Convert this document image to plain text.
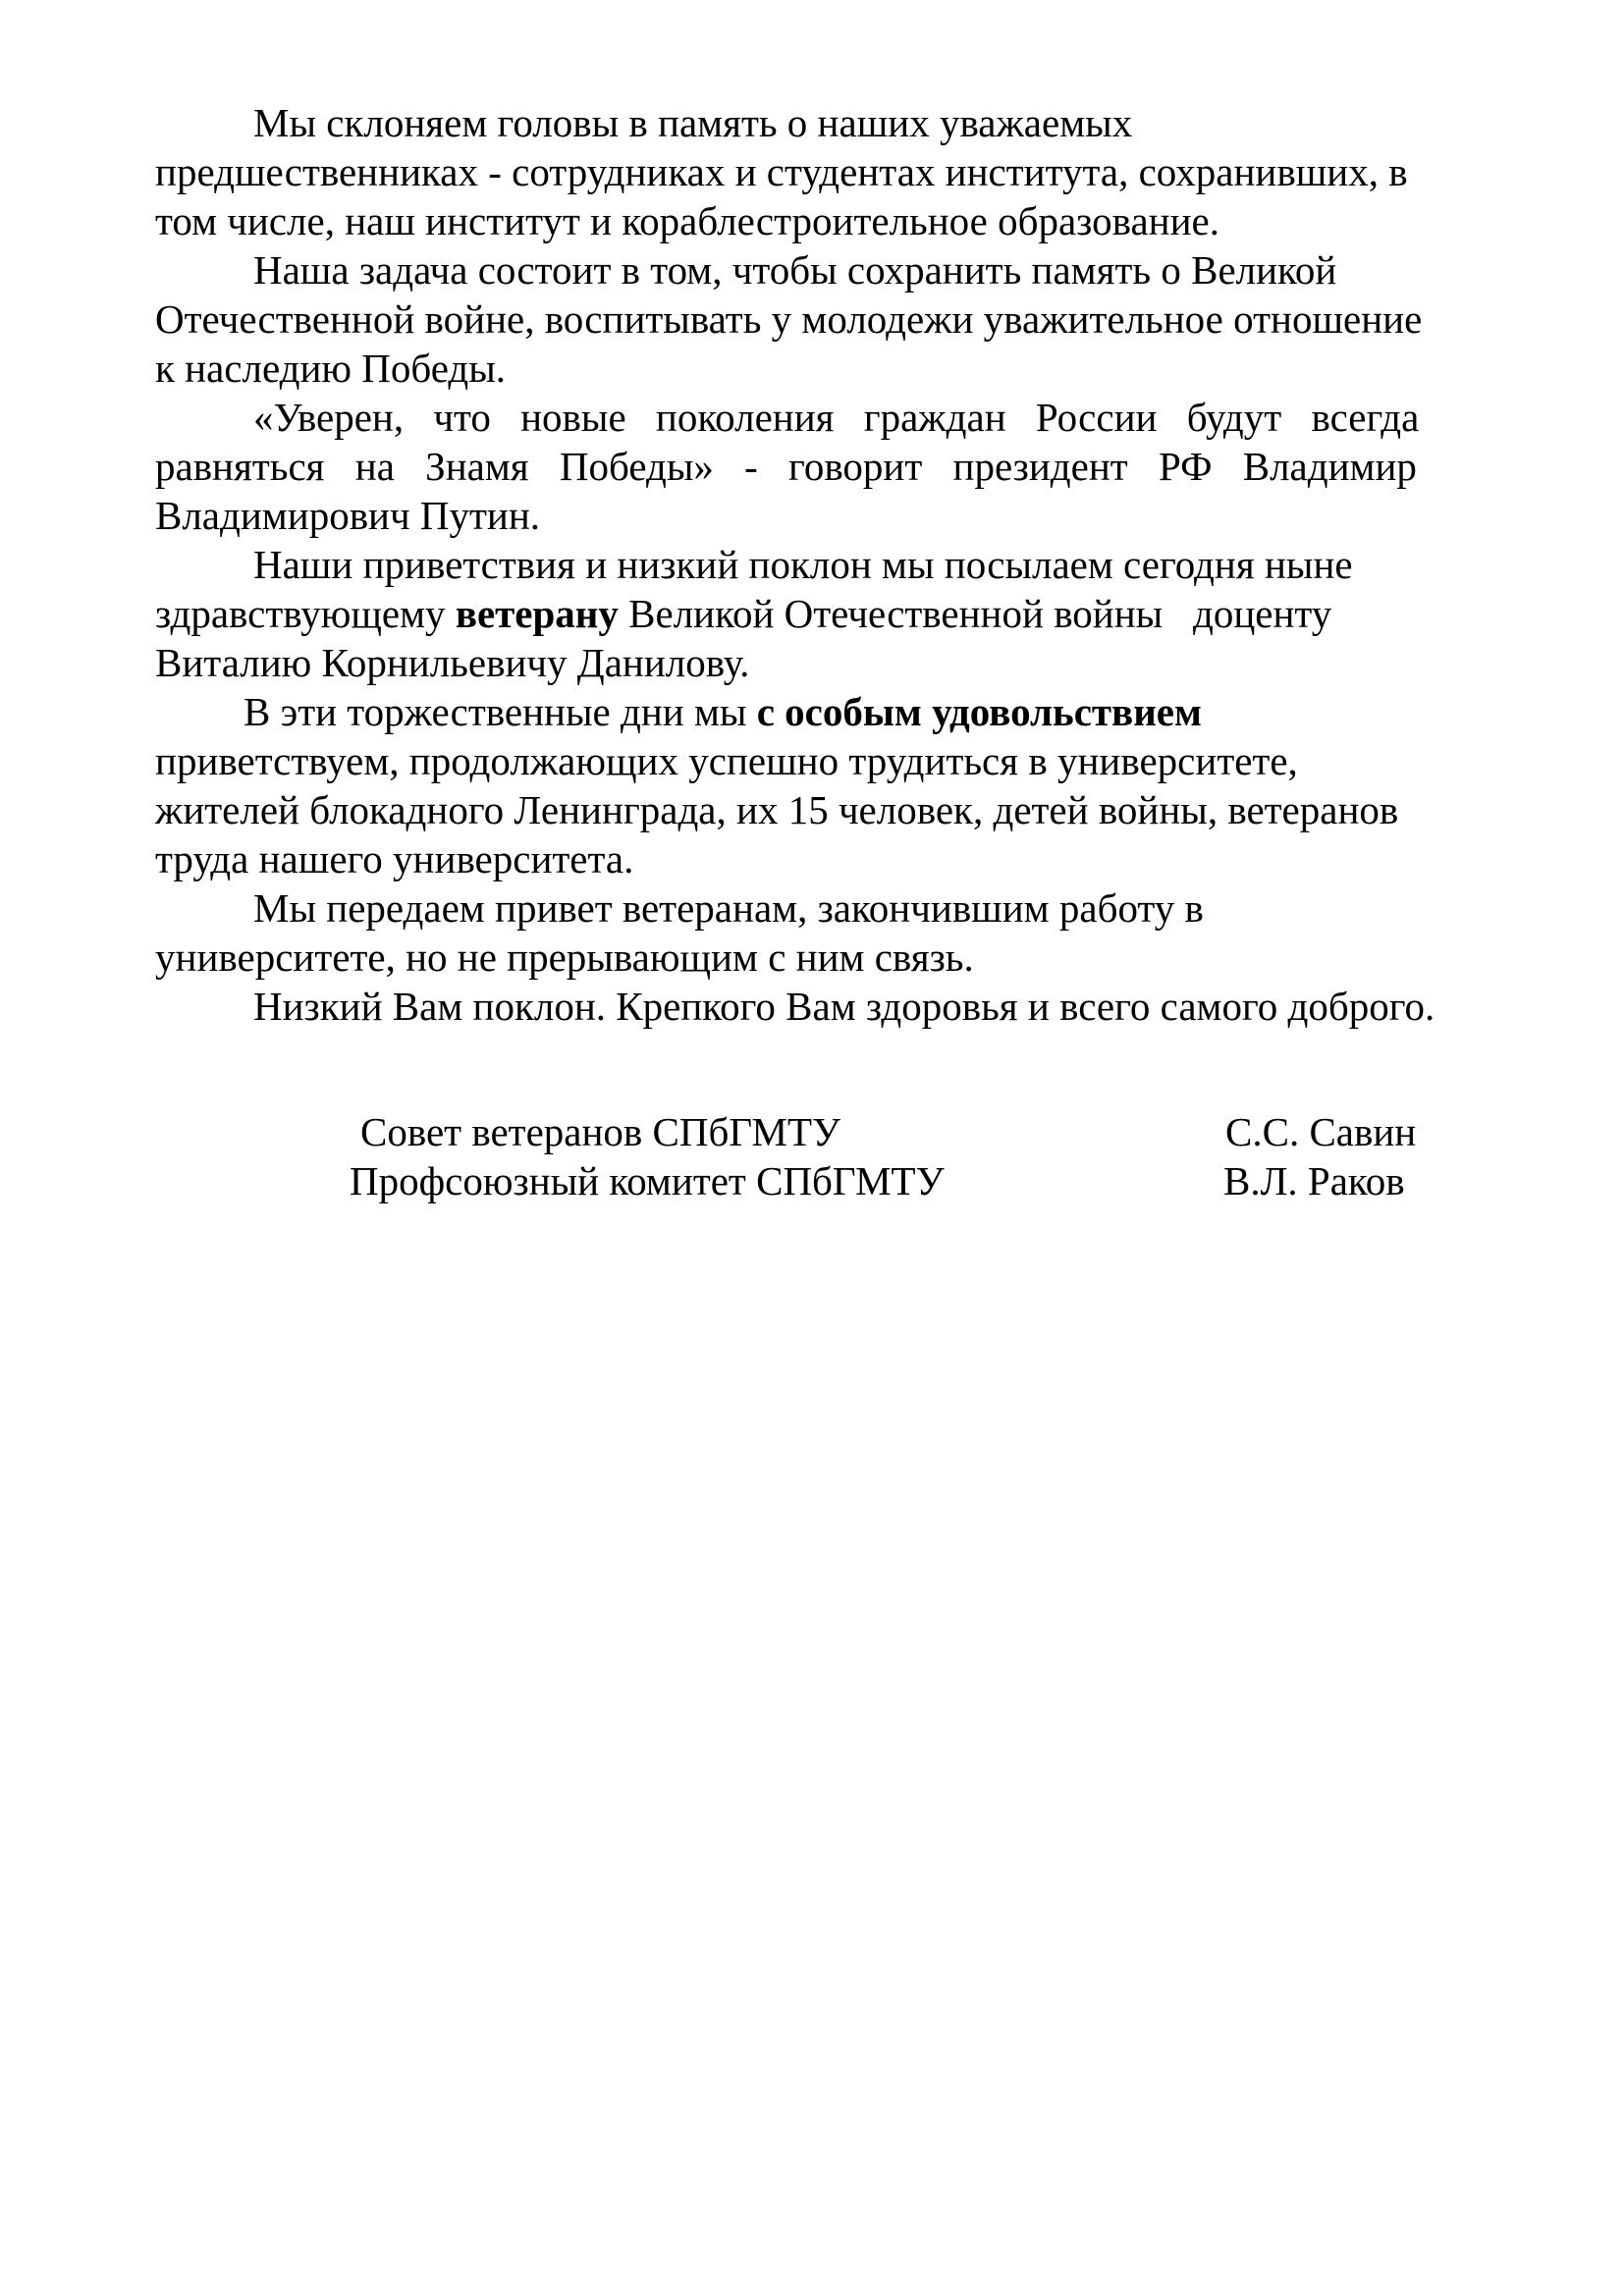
Мы склоняем головы в память о наших уважаемых
предшественниках - сотрудниках и студентах института, сохранивших, в
том числе, наш институт и кораблестроительное образование.

Наша задача состоит в том, чтобы сохранить память о Великой
Отечественной войне, воспитывать у молодежи уважительное отношение
к наследию Победы.

«Уверен, что новые поколения граждан России будут всегда
равняться на Знамя Победы» - говорит президент РФ Владимир
Владимирович Путин.

Наши приветствия и низкий поклон мы посылаем сегодня ныне
здравствующему ветерану Великой Отечественной войны   доценту
Виталию Корнильевичу Данилову.

В эти торжественные дни мы с особым удовольствием
приветствуем, продолжающих успешно трудиться в университете,
жителей блокадного Ленинграда, их 15 человек, детей войны, ветеранов
труда нашего университета.

Мы передаем привет ветеранам, закончившим работу в
университете, но не прерывающим с ним связь.

Низкий Вам поклон. Крепкого Вам здоровья и всего самого доброго.

Совет ветеранов СПбГМТУ	С.С. Савин
Профсоюзный комитет СПбГМТУ	В.Л. Раков
